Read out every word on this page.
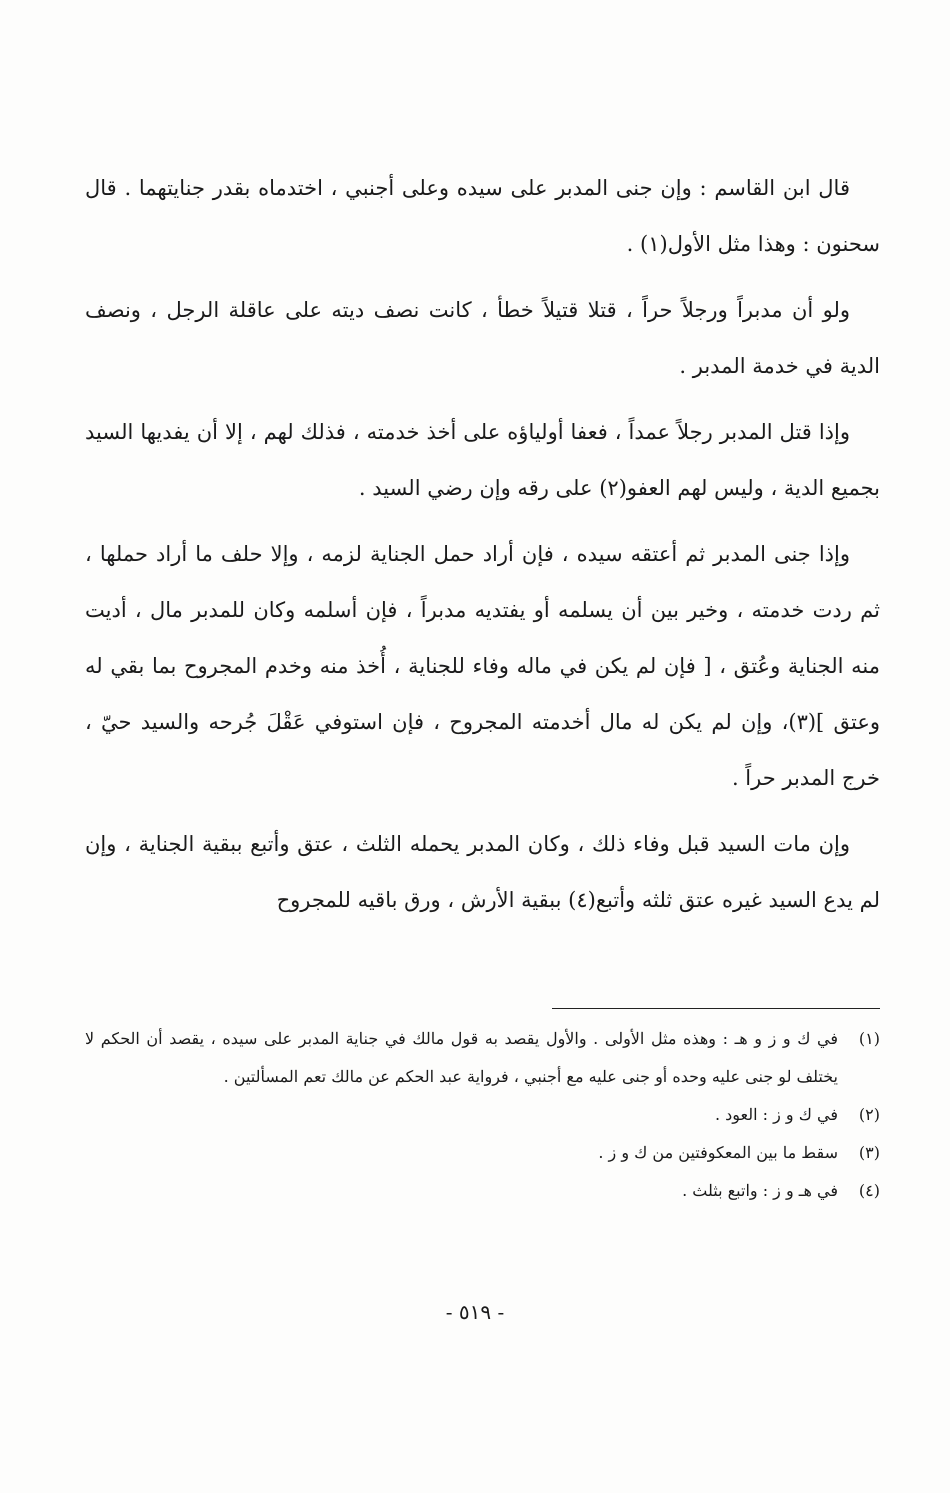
قال ابن القاسم : وإن جنى المدبر على سيده وعلى أجنبي ، اختدماه بقدر جنايتهما . قال سحنون : وهذا مثل الأول(١) .

ولو أن مدبراً ورجلاً حراً ، قتلا قتيلاً خطأ ، كانت نصف ديته على عاقلة الرجل ، ونصف الدية في خدمة المدبر .

وإذا قتل المدبر رجلاً عمداً ، فعفا أولياؤه على أخذ خدمته ، فذلك لهم ، إلا أن يفديها السيد بجميع الدية ، وليس لهم العفو(٢) على رقه وإن رضي السيد .

وإذا جنى المدبر ثم أعتقه سيده ، فإن أراد حمل الجناية لزمه ، وإلا حلف ما أراد حملها ، ثم ردت خدمته ، وخير بين أن يسلمه أو يفتديه مدبراً ، فإن أسلمه وكان للمدبر مال ، أديت منه الجناية وعُتق ، [ فإن لم يكن في ماله وفاء للجناية ، أُخذ منه وخدم المجروح بما بقي له وعتق ](٣)، وإن لم يكن له مال أخدمته المجروح ، فإن استوفي عَقْلَ جُرحه والسيد حيّ ، خرج المدبر حراً .

وإن مات السيد قبل وفاء ذلك ، وكان المدبر يحمله الثلث ، عتق وأتبع ببقية الجناية ، وإن لم يدع السيد غيره عتق ثلثه وأتبع(٤) ببقية الأرش ، ورق باقيه للمجروح

(١)
في ك و ز و هـ : وهذه مثل الأولى . والأول يقصد به قول مالك في جناية المدبر على سيده ، يقصد أن الحكم لا يختلف لو جنى عليه وحده أو جنى عليه مع أجنبي ، فرواية عبد الحكم عن مالك تعم المسألتين .
(٢)
في ك و ز : العود .
(٣)
سقط ما بين المعكوفتين من ك و ز .
(٤)
في هـ و ز : واتبع بثلث .
- ٥١٩ -
